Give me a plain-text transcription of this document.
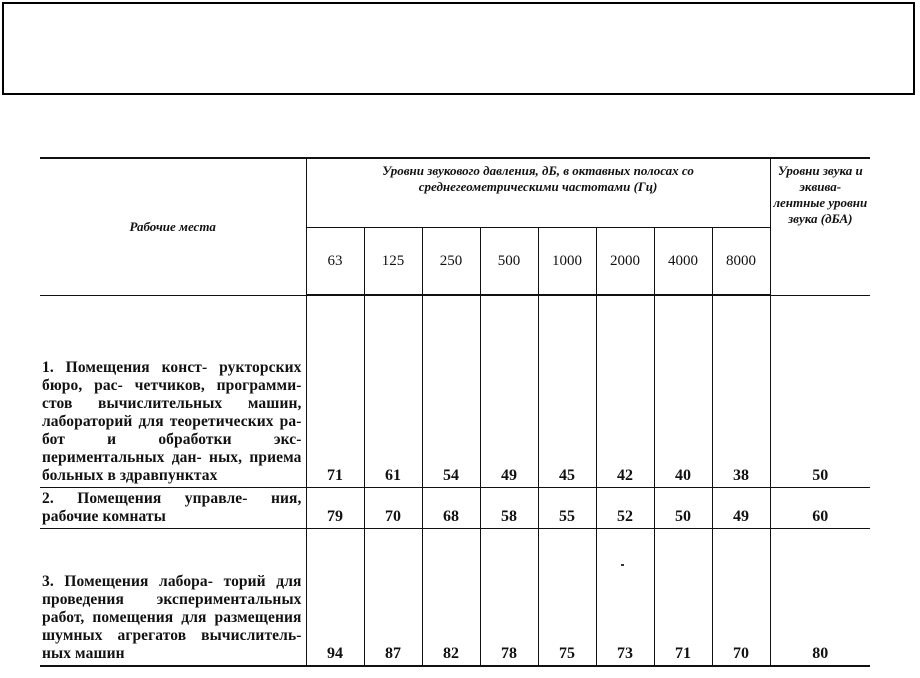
Рабочие места	Уровни звукового давления, дБ, в октавных полосах со среднегеометрическими частотами (Гц)								Уровни звука и эквива- лентные уровни звука (дБА)
	63	125	250	500	1000	2000	4000	8000	
1. Помещения конст- рукторских бюро, рас- четчиков, программи- стов вычислительных машин, лабораторий для теоретических ра- бот и обработки экс- периментальных дан- ных, приема больных в здравпунктах	71	61	54	49	45	42	40	38	50
2. Помещения управле- ния, рабочие комнаты	79	70	68	58	55	52	50	49	60
3. Помещения лабора- торий для проведения экспериментальных работ, помещения для размещения шумных агрегатов вычислитель- ных машин	94	87	82	78	75	73	71	70	80
